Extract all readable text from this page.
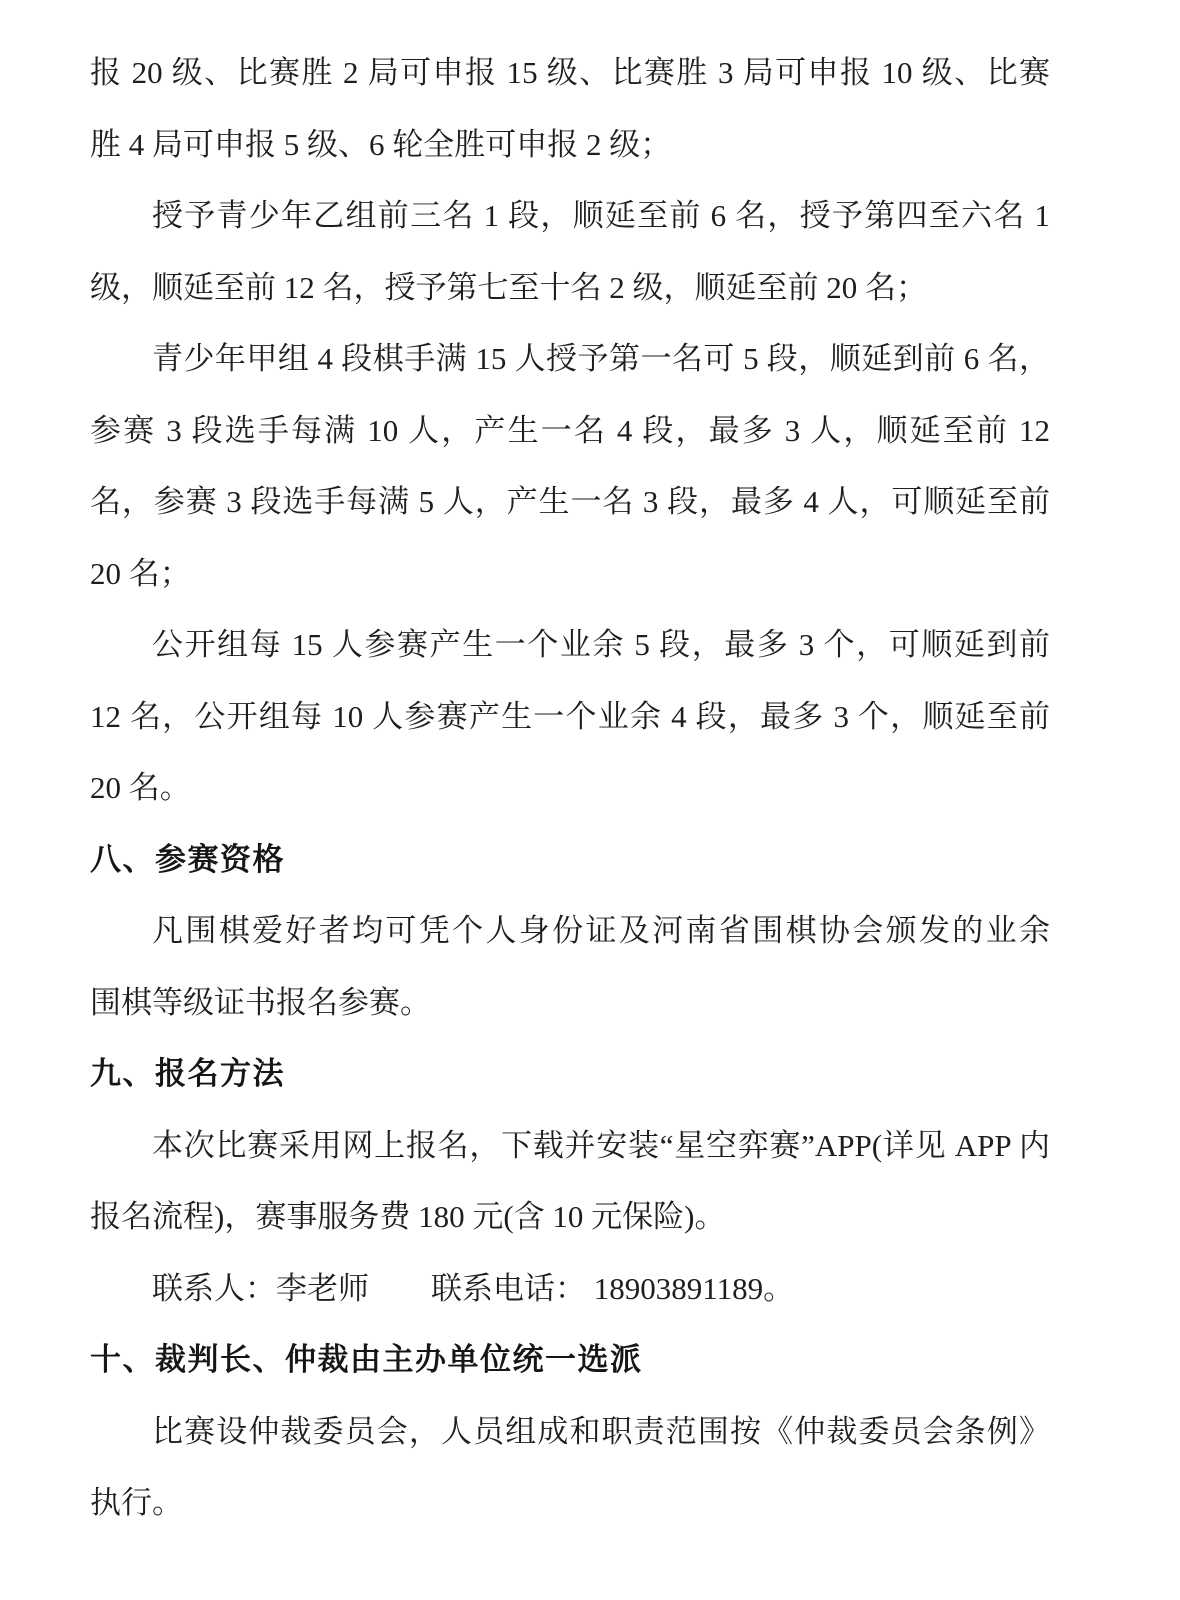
报 20 级、比赛胜 2 局可申报 15 级、比赛胜 3 局可申报 10 级、比赛
胜 4 局可申报 5 级、6 轮全胜可申报 2 级；
授予青少年乙组前三名 1 段，顺延至前 6 名，授予第四至六名 1
级，顺延至前 12 名，授予第七至十名 2 级，顺延至前 20 名；
青少年甲组 4 段棋手满 15 人授予第一名可 5 段，顺延到前 6 名，
参赛 3 段选手每满 10 人，产生一名 4 段，最多 3 人，顺延至前 12
名，参赛 3 段选手每满 5 人，产生一名 3 段，最多 4 人，可顺延至前
20 名；
公开组每 15 人参赛产生一个业余 5 段，最多 3 个，可顺延到前
12 名，公开组每 10 人参赛产生一个业余 4 段，最多 3 个，顺延至前
20 名。
八、参赛资格
凡围棋爱好者均可凭个人身份证及河南省围棋协会颁发的业余
围棋等级证书报名参赛。
九、报名方法
本次比赛采用网上报名，下载并安装“星空弈赛”APP(详见 APP 内
报名流程)，赛事服务费 180 元(含 10 元保险)。
联系人：李老师　　联系电话： 18903891189。
十、裁判长、仲裁由主办单位统一选派
比赛设仲裁委员会，人员组成和职责范围按《仲裁委员会条例》
执行。
